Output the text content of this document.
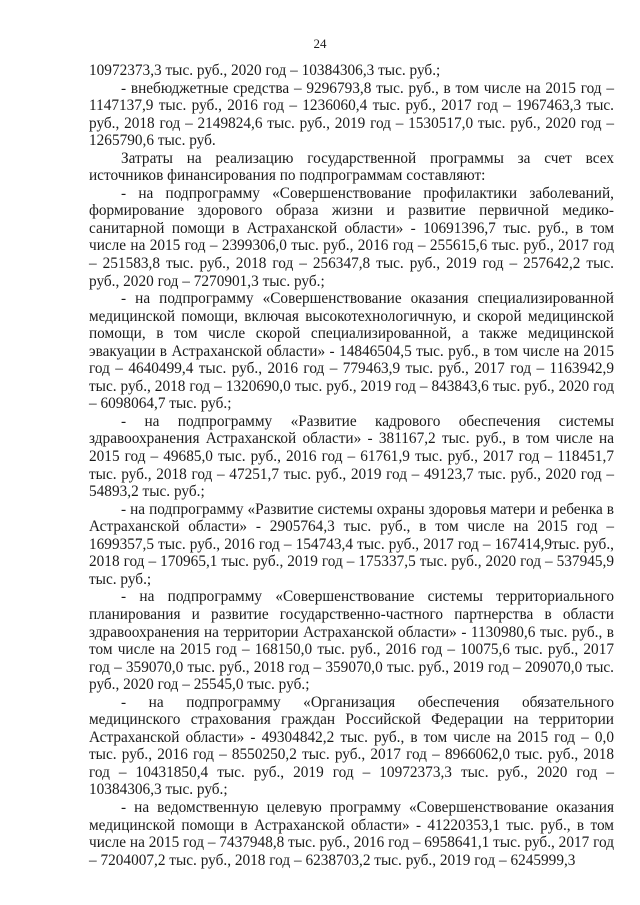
24

10972373,3 тыс. руб., 2020 год – 10384306,3 тыс. руб.;

- внебюджетные средства – 9296793,8 тыс. руб., в том числе на 2015 год – 1147137,9 тыс. руб., 2016 год – 1236060,4 тыс. руб., 2017 год – 1967463,3 тыс. руб., 2018 год – 2149824,6 тыс. руб., 2019 год – 1530517,0 тыс. руб., 2020 год – 1265790,6 тыс. руб.

Затраты на реализацию государственной программы за счет всех источников финансирования по подпрограммам составляют:

- на подпрограмму «Совершенствование профилактики заболеваний, формирование здорового образа жизни и развитие первичной медико-санитарной помощи в Астраханской области» - 10691396,7 тыс. руб., в том числе на 2015 год – 2399306,0 тыс. руб., 2016 год – 255615,6 тыс. руб., 2017 год – 251583,8 тыс. руб., 2018 год – 256347,8 тыс. руб., 2019 год – 257642,2 тыс. руб., 2020 год – 7270901,3 тыс. руб.;

- на подпрограмму «Совершенствование оказания специализированной медицинской помощи, включая высокотехнологичную, и скорой медицинской помощи, в том числе скорой специализированной, а также медицинской эвакуации в Астраханской области» - 14846504,5 тыс. руб., в том числе на 2015 год – 4640499,4 тыс. руб., 2016 год – 779463,9 тыс. руб., 2017 год – 1163942,9 тыс. руб., 2018 год – 1320690,0 тыс. руб., 2019 год – 843843,6 тыс. руб., 2020 год – 6098064,7 тыс. руб.;

- на подпрограмму «Развитие кадрового обеспечения системы здравоохранения Астраханской области» - 381167,2 тыс. руб., в том числе на 2015 год – 49685,0 тыс. руб., 2016 год – 61761,9 тыс. руб., 2017 год – 118451,7 тыс. руб., 2018 год – 47251,7 тыс. руб., 2019 год – 49123,7 тыс. руб., 2020 год – 54893,2 тыс. руб.;

- на подпрограмму «Развитие системы охраны здоровья матери и ребенка в Астраханской области» - 2905764,3 тыс. руб., в том числе на 2015 год – 1699357,5 тыс. руб., 2016 год – 154743,4 тыс. руб., 2017 год – 167414,9тыс. руб., 2018 год – 170965,1 тыс. руб., 2019 год – 175337,5 тыс. руб., 2020 год – 537945,9 тыс. руб.;

- на подпрограмму «Совершенствование системы территориального планирования и развитие государственно-частного партнерства в области здравоохранения на территории Астраханской области» - 1130980,6 тыс. руб., в том числе на 2015 год – 168150,0 тыс. руб., 2016 год – 10075,6 тыс. руб., 2017 год – 359070,0 тыс. руб., 2018 год – 359070,0 тыс. руб., 2019 год – 209070,0 тыс. руб., 2020 год – 25545,0 тыс. руб.;

- на подпрограмму «Организация обеспечения обязательного медицинского страхования граждан Российской Федерации на территории Астраханской области» - 49304842,2 тыс. руб., в том числе на 2015 год – 0,0 тыс. руб., 2016 год – 8550250,2 тыс. руб., 2017 год – 8966062,0 тыс. руб., 2018 год – 10431850,4 тыс. руб., 2019 год – 10972373,3 тыс. руб., 2020 год – 10384306,3 тыс. руб.;

- на ведомственную целевую программу «Совершенствование оказания медицинской помощи в Астраханской области» - 41220353,1 тыс. руб., в том числе на 2015 год – 7437948,8 тыс. руб., 2016 год – 6958641,1 тыс. руб., 2017 год – 7204007,2 тыс. руб., 2018 год – 6238703,2 тыс. руб., 2019 год – 6245999,3
